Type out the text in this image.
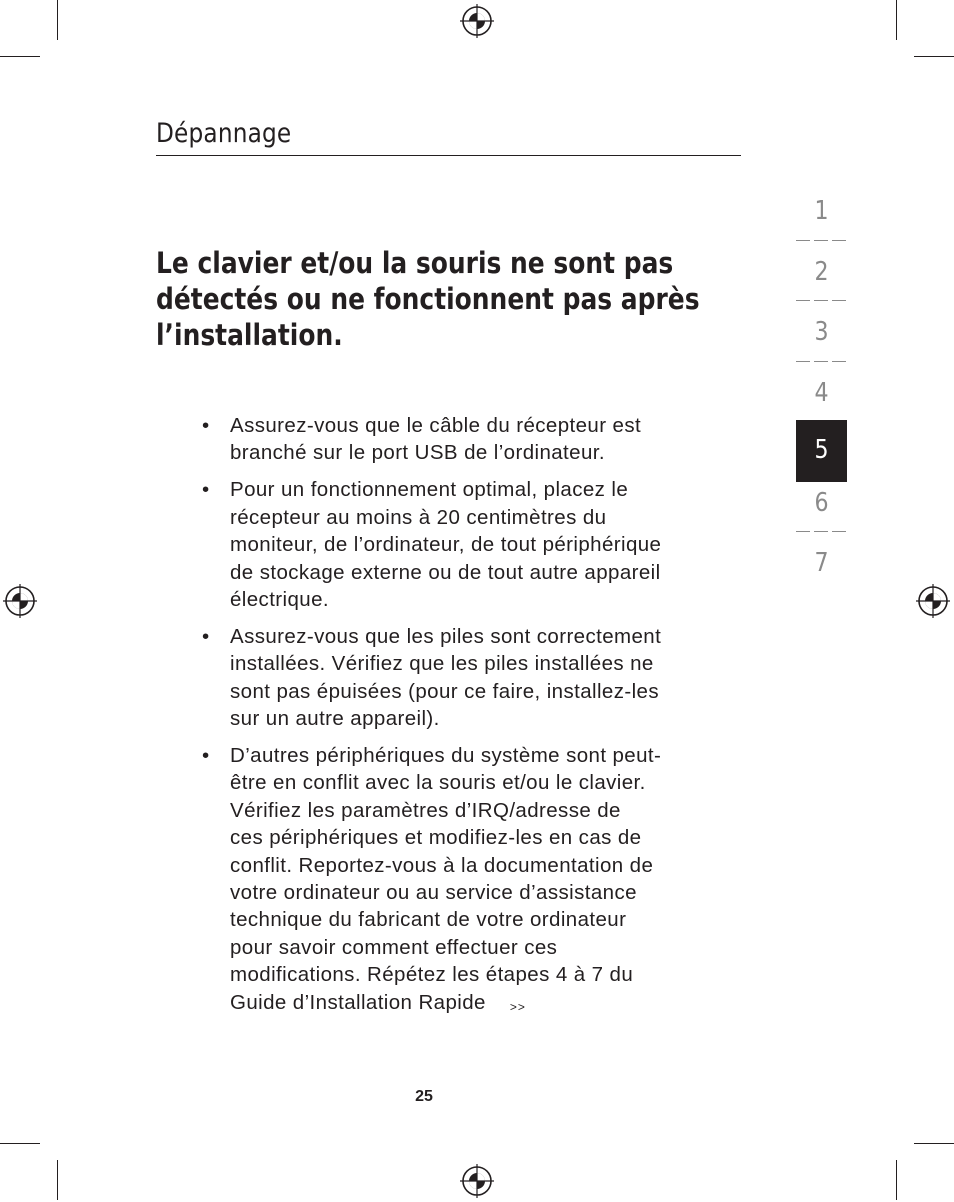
Dépannage
Le clavier et/ou la souris ne sont pas
détectés ou ne fonctionnent pas après
l’installation.
• Assurez-vous que le câble du récepteur est
branché sur le port USB de l’ordinateur.
• Pour un fonctionnement optimal, placez le
récepteur au moins à 20 centimètres du
moniteur, de l’ordinateur, de tout périphérique
de stockage externe ou de tout autre appareil
électrique.
• Assurez-vous que les piles sont correctement
installées. Vérifiez que les piles installées ne
sont pas épuisées (pour ce faire, installez-les
sur un autre appareil).
• D’autres périphériques du système sont peut-
être en conflit avec la souris et/ou le clavier.
Vérifiez les paramètres d’IRQ/adresse de
ces périphériques et modifiez-les en cas de
conflit. Reportez-vous à la documentation de
votre ordinateur ou au service d’assistance
technique du fabricant de votre ordinateur
pour savoir comment effectuer ces
modifications. Répétez les étapes 4 à 7 du
Guide d’Installation Rapide >>
1
2
3
4
5
6
7
25
